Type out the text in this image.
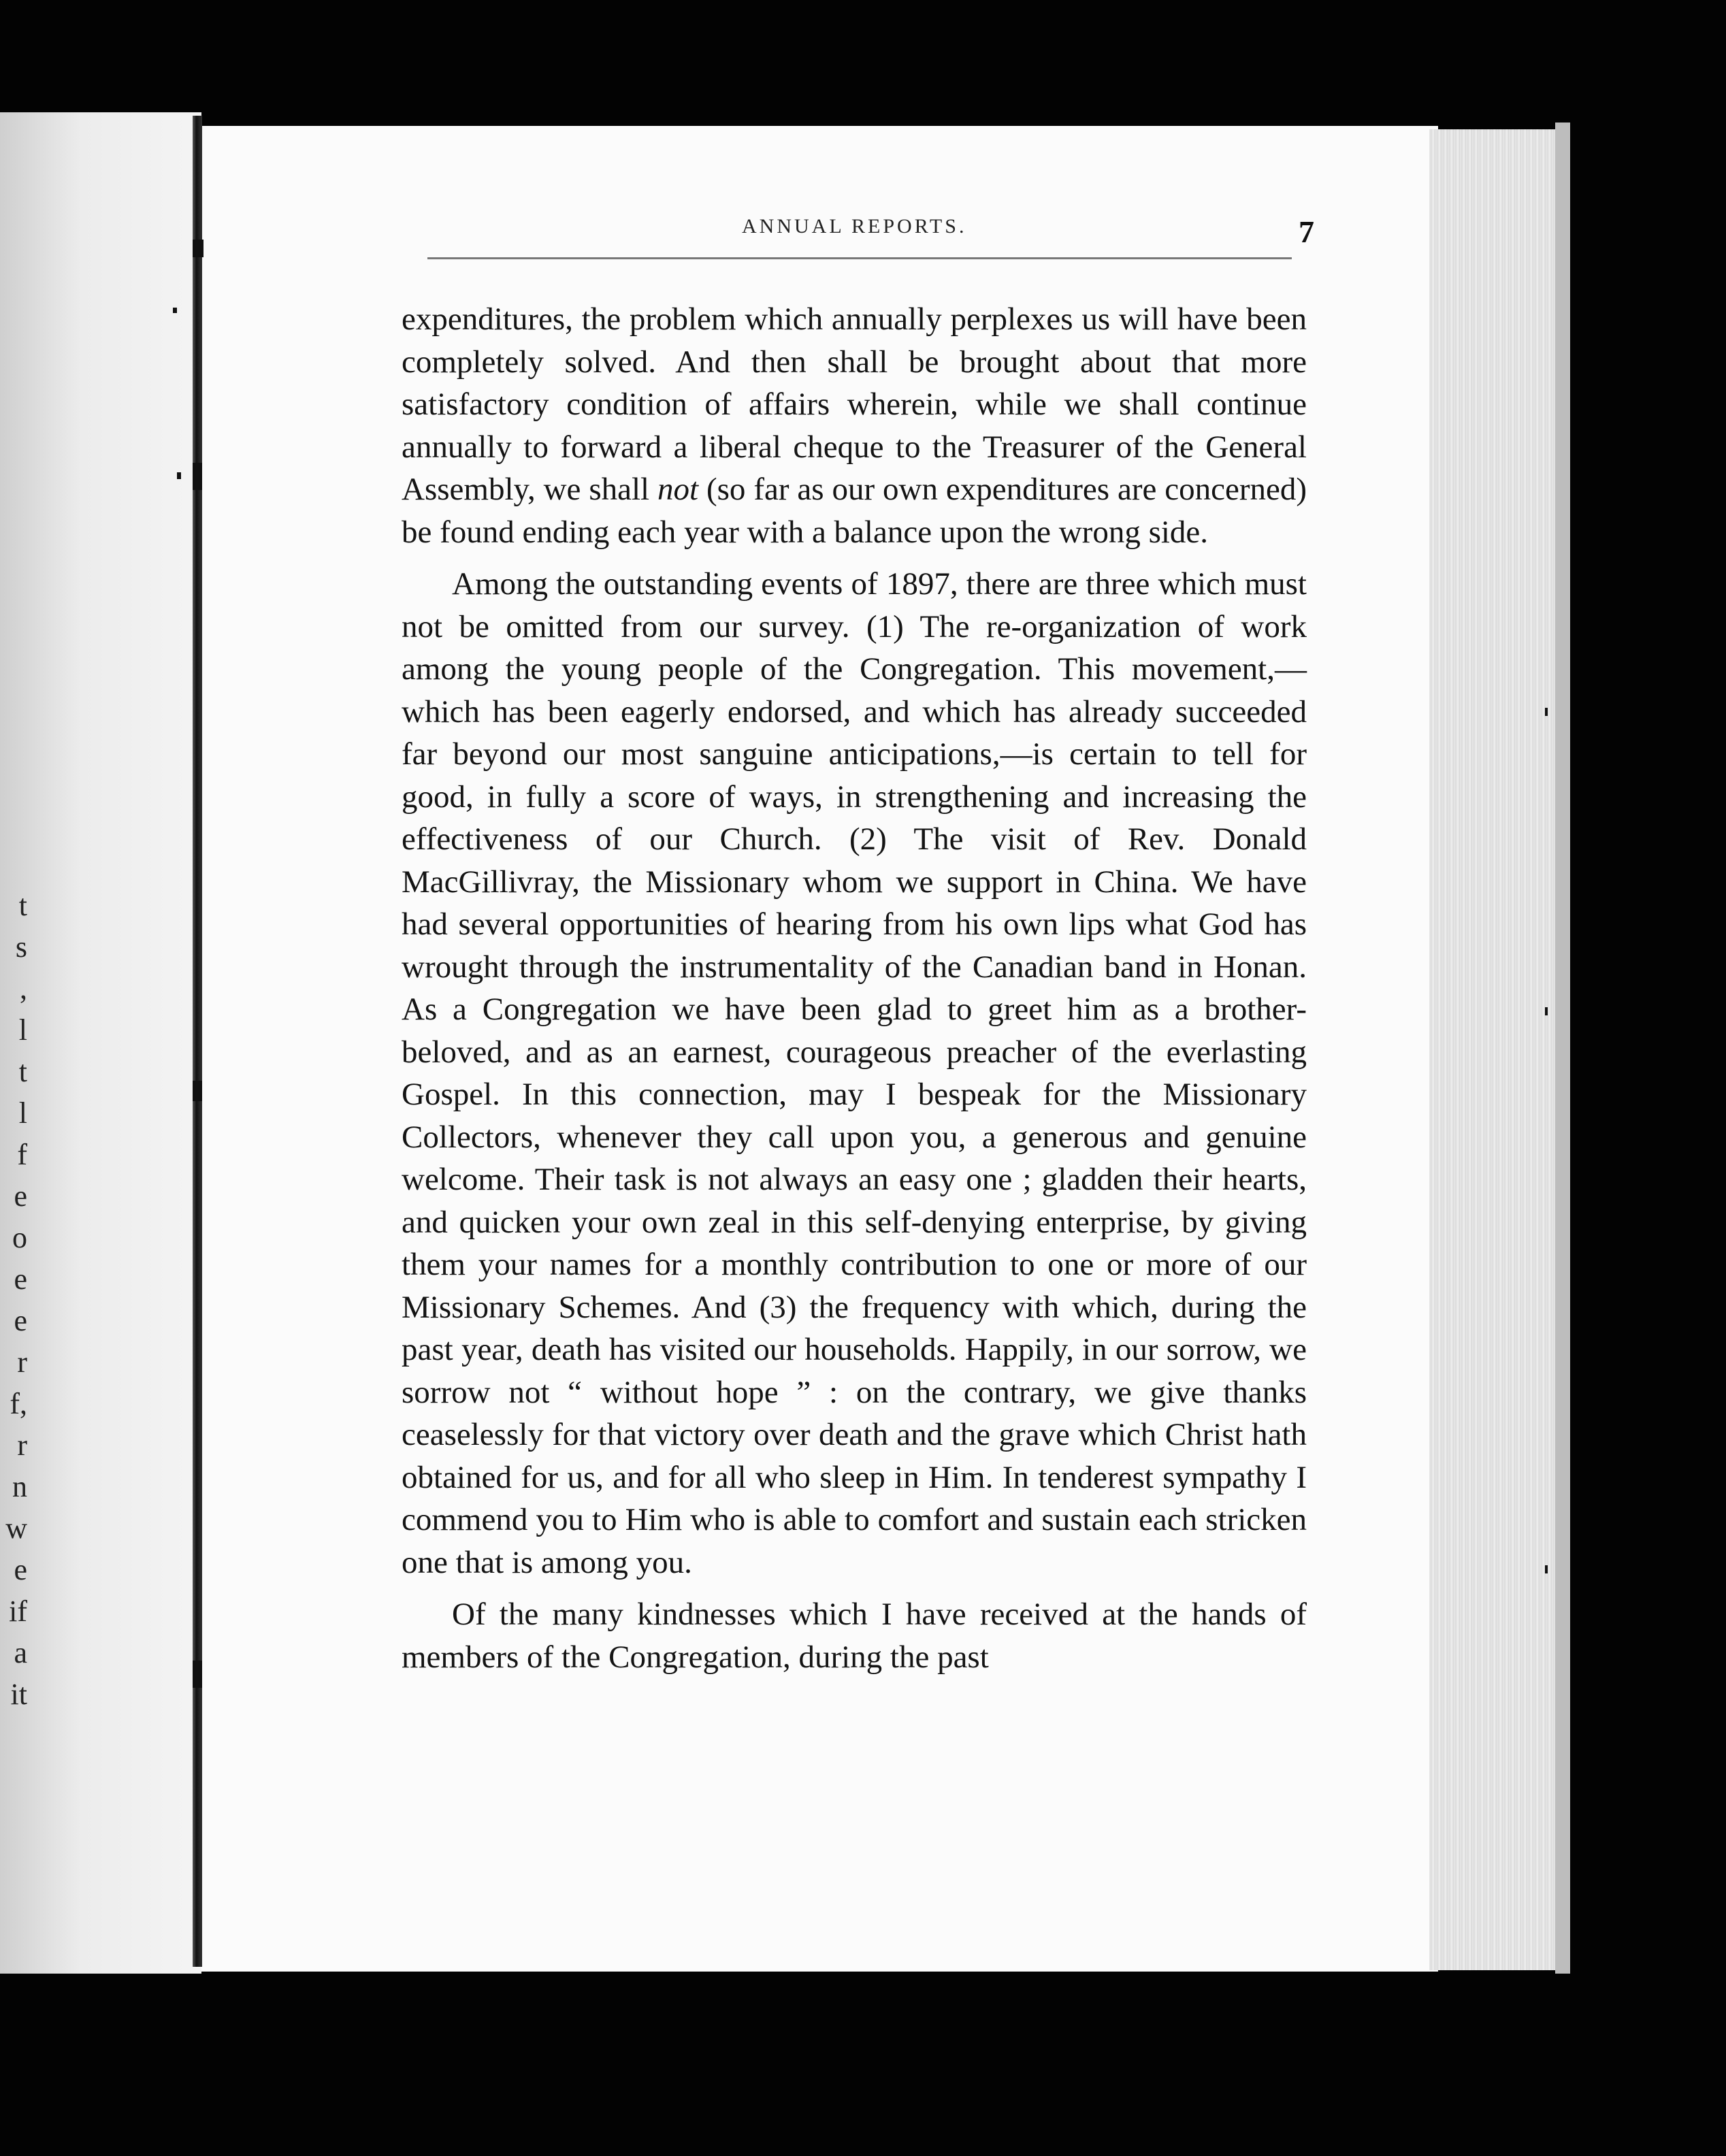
t
s
,
l
t
l
f
e
o
e
e
r
f,
r
n
w
e
if
a
it
ANNUAL REPORTS.	7

expenditures, the problem which annually perplexes us will have been completely solved. And then shall be brought about that more satisfactory condition of affairs wherein, while we shall continue annually to forward a liberal cheque to the Treasurer of the General Assembly, we shall not (so far as our own expenditures are concerned) be found ending each year with a balance upon the wrong side.

Among the outstanding events of 1897, there are three which must not be omitted from our survey. (1) The re-organization of work among the young people of the Congregation. This movement,—which has been eagerly endorsed, and which has already succeeded far beyond our most sanguine anticipations,—is certain to tell for good, in fully a score of ways, in strengthening and increasing the effectiveness of our Church. (2) The visit of Rev. Donald MacGillivray, the Missionary whom we support in China. We have had several opportunities of hearing from his own lips what God has wrought through the instrumentality of the Canadian band in Honan. As a Congregation we have been glad to greet him as a brother-beloved, and as an earnest, courageous preacher of the everlasting Gospel. In this connection, may I bespeak for the Missionary Collectors, whenever they call upon you, a generous and genuine welcome. Their task is not always an easy one ; gladden their hearts, and quicken your own zeal in this self-denying enterprise, by giving them your names for a monthly contribution to one or more of our Missionary Schemes. And (3) the frequency with which, during the past year, death has visited our households. Happily, in our sorrow, we sorrow not “ without hope ” : on the contrary, we give thanks ceaselessly for that victory over death and the grave which Christ hath obtained for us, and for all who sleep in Him. In tenderest sympathy I commend you to Him who is able to comfort and sustain each stricken one that is among you.

Of the many kindnesses which I have received at the hands of members of the Congregation, during the past
